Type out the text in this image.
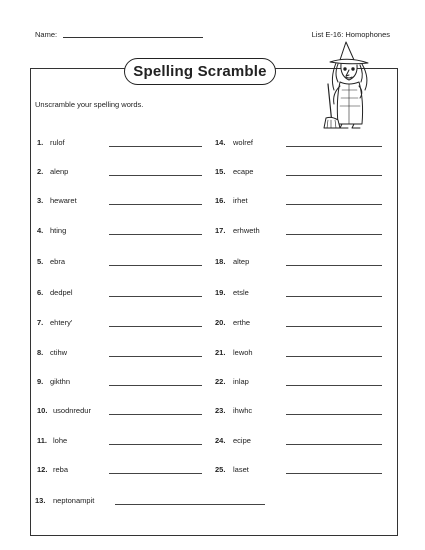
Name:	List E-16: Homophones
Spelling Scramble
Unscramble your spelling words.
1. rulof
2. alenp
3. hewaret
4. hting
5. ebra
6. dedpel
7. ehtery'
8. ctihw
9. gikthn
10. usodnredur
11. lohe
12. reba
14. wolref
15. ecape
16. irhet
17. erhweth
18. altep
19. etsle
20. erthe
21. lewoh
22. inlap
23. ihwhc
24. ecipe
25. laset
13. neptonampit
